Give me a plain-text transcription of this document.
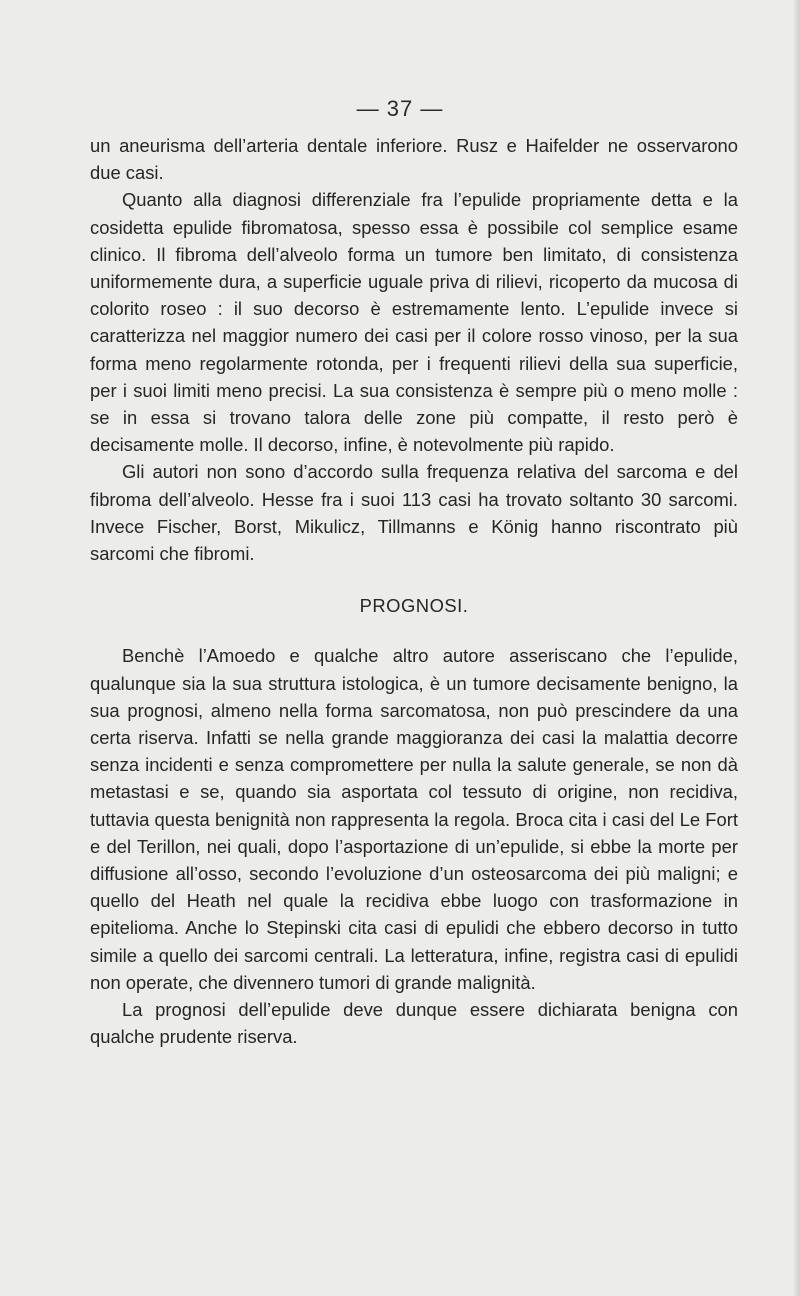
— 37 —

un aneurisma dell’arteria dentale inferiore. Rusz e Haifelder ne osservarono due casi.

Quanto alla diagnosi differenziale fra l’epulide propriamente detta e la cosidetta epulide fibromatosa, spesso essa è possibile col semplice esame clinico. Il fibroma dell’alveolo forma un tumore ben limitato, di consistenza uniformemente dura, a superficie uguale priva di rilievi, ricoperto da mucosa di colorito roseo : il suo decorso è estremamente lento. L’epulide invece si caratterizza nel maggior numero dei casi per il colore rosso vinoso, per la sua forma meno regolarmente rotonda, per i frequenti rilievi della sua superficie, per i suoi limiti meno precisi. La sua consistenza è sempre più o meno molle : se in essa si trovano talora delle zone più compatte, il resto però è decisamente molle. Il decorso, infine, è notevolmente più rapido.

Gli autori non sono d’accordo sulla frequenza relativa del sarcoma e del fibroma dell’alveolo. Hesse fra i suoi 113 casi ha trovato soltanto 30 sarcomi. Invece Fischer, Borst, Mikulicz, Tillmanns e König hanno riscontrato più sarcomi che fibromi.

PROGNOSI.

Benchè l’Amoedo e qualche altro autore asseriscano che l’epulide, qualunque sia la sua struttura istologica, è un tumore decisamente benigno, la sua prognosi, almeno nella forma sarcomatosa, non può prescindere da una certa riserva. Infatti se nella grande maggioranza dei casi la malattia decorre senza incidenti e senza compromettere per nulla la salute generale, se non dà metastasi e se, quando sia asportata col tessuto di origine, non recidiva, tuttavia questa benignità non rappresenta la regola. Broca cita i casi del Le Fort e del Terillon, nei quali, dopo l’asportazione di un’epulide, si ebbe la morte per diffusione all’osso, secondo l’evoluzione d’un osteosarcoma dei più maligni; e quello del Heath nel quale la recidiva ebbe luogo con trasformazione in epitelioma. Anche lo Stepinski cita casi di epulidi che ebbero decorso in tutto simile a quello dei sarcomi centrali. La letteratura, infine, registra casi di epulidi non operate, che divennero tumori di grande malignità.

La prognosi dell’epulide deve dunque essere dichiarata benigna con qualche prudente riserva.
